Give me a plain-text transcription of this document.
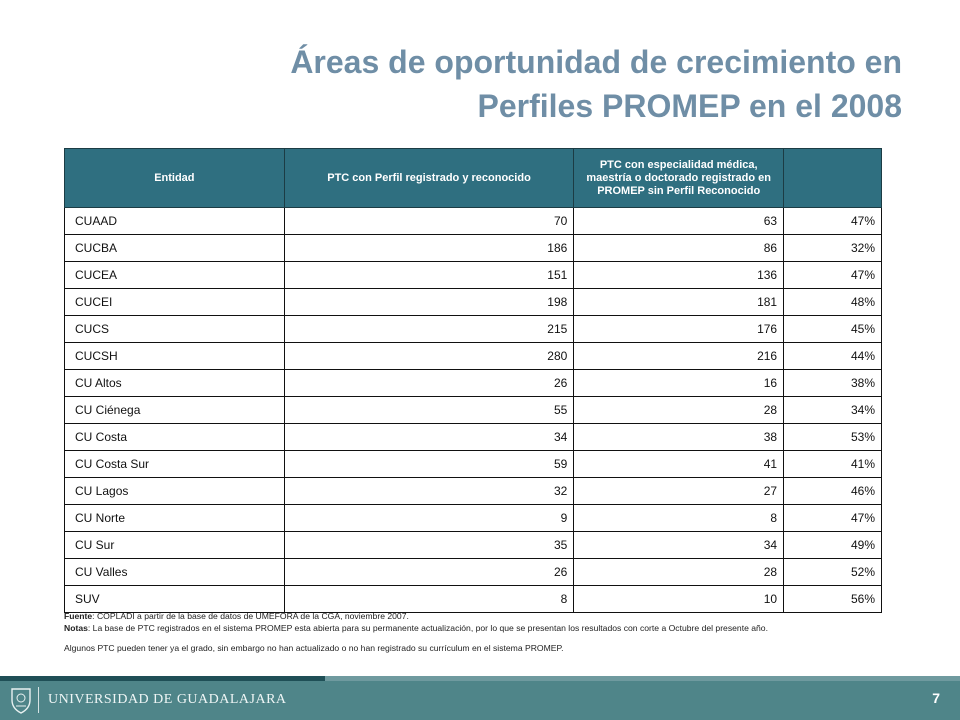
Áreas de oportunidad de crecimiento en
Perfiles PROMEP en el 2008
Entidad	PTC con Perfil registrado y reconocido	PTC con especialidad médica, maestría o doctorado registrado en PROMEP sin Perfil Reconocido	
CUAAD	70	63	47%
CUCBA	186	86	32%
CUCEA	151	136	47%
CUCEI	198	181	48%
CUCS	215	176	45%
CUCSH	280	216	44%
CU Altos	26	16	38%
CU Ciénega	55	28	34%
CU Costa	34	38	53%
CU Costa Sur	59	41	41%
CU Lagos	32	27	46%
CU Norte	9	8	47%
CU Sur	35	34	49%
CU Valles	26	28	52%
SUV	8	10	56%
Fuente: COPLADI a partir de la base de datos de UMEFORA de la CGA, noviembre 2007.
Notas: La base de PTC registrados en el sistema PROMEP esta abierta para su permanente actualización, por lo que se presentan los resultados con corte a Octubre del presente año.
Algunos PTC pueden tener ya el grado, sin embargo no han actualizado o no han registrado su currículum en el sistema PROMEP.
UNIVERSIDAD DE GUADALAJARA	7
